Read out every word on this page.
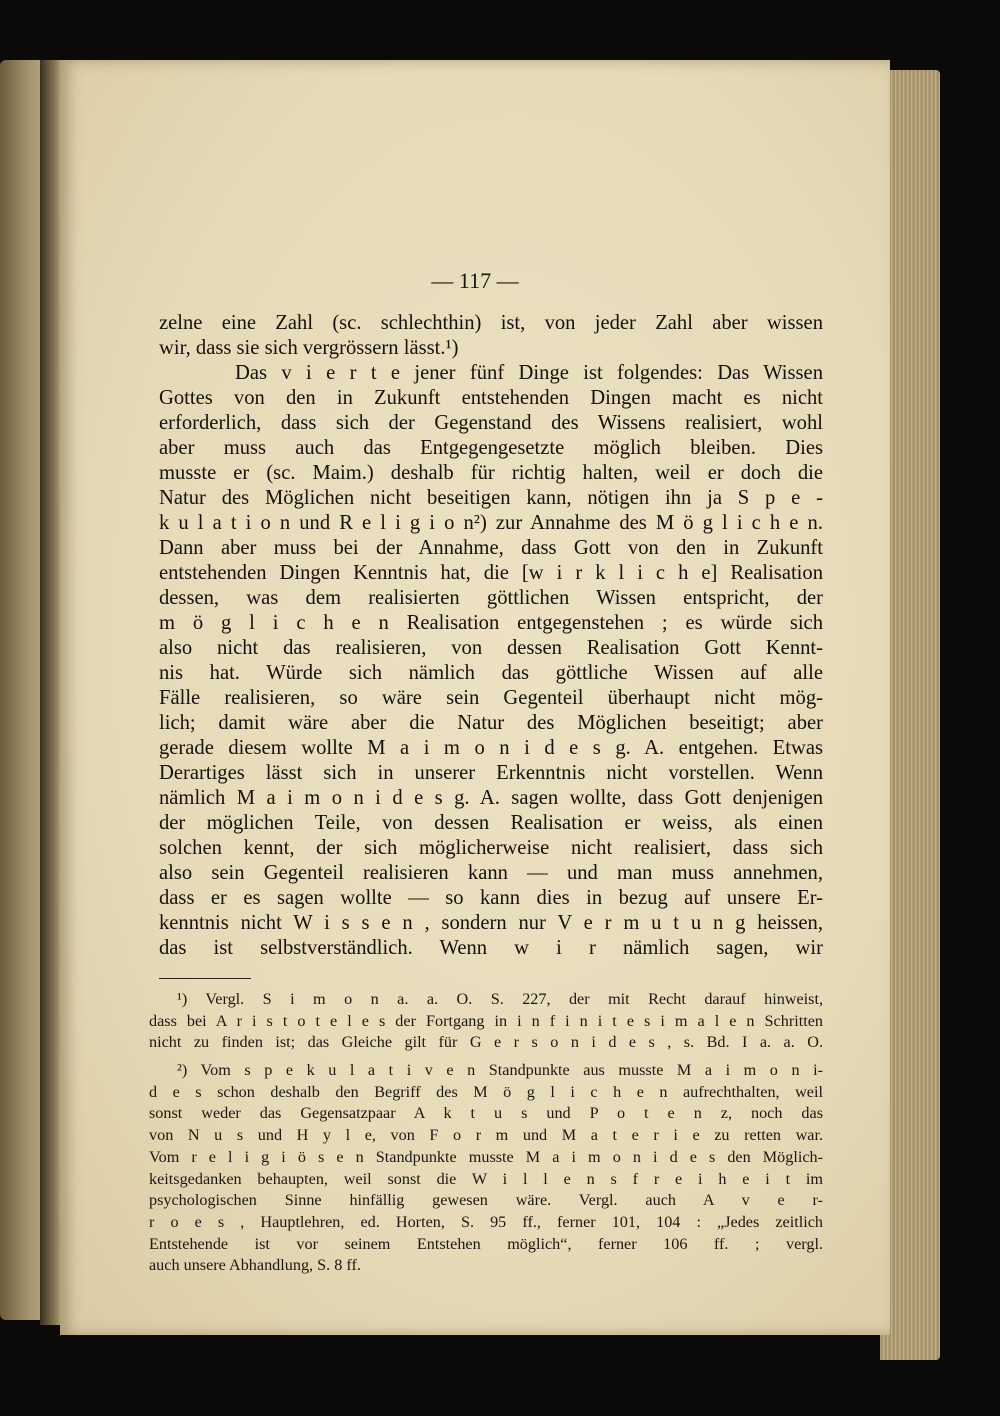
— 117 —
zelne eine Zahl (sc. schlechthin) ist, von jeder Zahl aber wissen
wir, dass sie sich vergrössern lässt.¹)
Das v i e r t e jener fünf Dinge ist folgendes: Das Wissen
Gottes von den in Zukunft entstehenden Dingen macht es nicht
erforderlich, dass sich der Gegenstand des Wissens realisiert, wohl
aber muss auch das Entgegengesetzte möglich bleiben. Dies
musste er (sc. Maim.) deshalb für richtig halten, weil er doch die
Natur des Möglichen nicht beseitigen kann, nötigen ihn ja S p e -
k u l a t i o n und R e l i g i o n²) zur Annahme des M ö g l i c h e n.
Dann aber muss bei der Annahme, dass Gott von den in Zukunft
entstehenden Dingen Kenntnis hat, die [w i r k l i c h e] Realisation
dessen, was dem realisierten göttlichen Wissen entspricht, der
m ö g l i c h e n Realisation entgegenstehen ; es würde sich
also nicht das realisieren, von dessen Realisation Gott Kennt-
nis hat. Würde sich nämlich das göttliche Wissen auf alle
Fälle realisieren, so wäre sein Gegenteil überhaupt nicht mög-
lich; damit wäre aber die Natur des Möglichen beseitigt; aber
gerade diesem wollte M a i m o n i d e s g. A. entgehen. Etwas
Derartiges lässt sich in unserer Erkenntnis nicht vorstellen. Wenn
nämlich M a i m o n i d e s g. A. sagen wollte, dass Gott denjenigen
der möglichen Teile, von dessen Realisation er weiss, als einen
solchen kennt, der sich möglicherweise nicht realisiert, dass sich
also sein Gegenteil realisieren kann — und man muss annehmen,
dass er es sagen wollte — so kann dies in bezug auf unsere Er-
kenntnis nicht W i s s e n , sondern nur V e r m u t u n g heissen,
das ist selbstverständlich. Wenn w i r nämlich sagen, wir
¹) Vergl. S i m o n a. a. O. S. 227, der mit Recht darauf hinweist,
dass bei A r i s t o t e l e s der Fortgang in i n f i n i t e s i m a l e n Schritten
nicht zu finden ist; das Gleiche gilt für G e r s o n i d e s , s. Bd. I a. a. O.
²) Vom s p e k u l a t i v e n Standpunkte aus musste M a i m o n i-
d e s schon deshalb den Begriff des M ö g l i c h e n aufrechthalten, weil
sonst weder das Gegensatzpaar A k t u s und P o t e n z, noch das
von N u s und H y l e, von F o r m und M a t e r i e zu retten war.
Vom r e l i g i ö s e n Standpunkte musste M a i m o n i d e s den Möglich-
keitsgedanken behaupten, weil sonst die W i l l e n s f r e i h e i t im
psychologischen Sinne hinfällig gewesen wäre. Vergl. auch A v e r-
r o e s , Hauptlehren, ed. Horten, S. 95 ff., ferner 101, 104 : „Jedes zeitlich
Entstehende ist vor seinem Entstehen möglich“, ferner 106 ff. ; vergl.
auch unsere Abhandlung, S. 8 ff.
